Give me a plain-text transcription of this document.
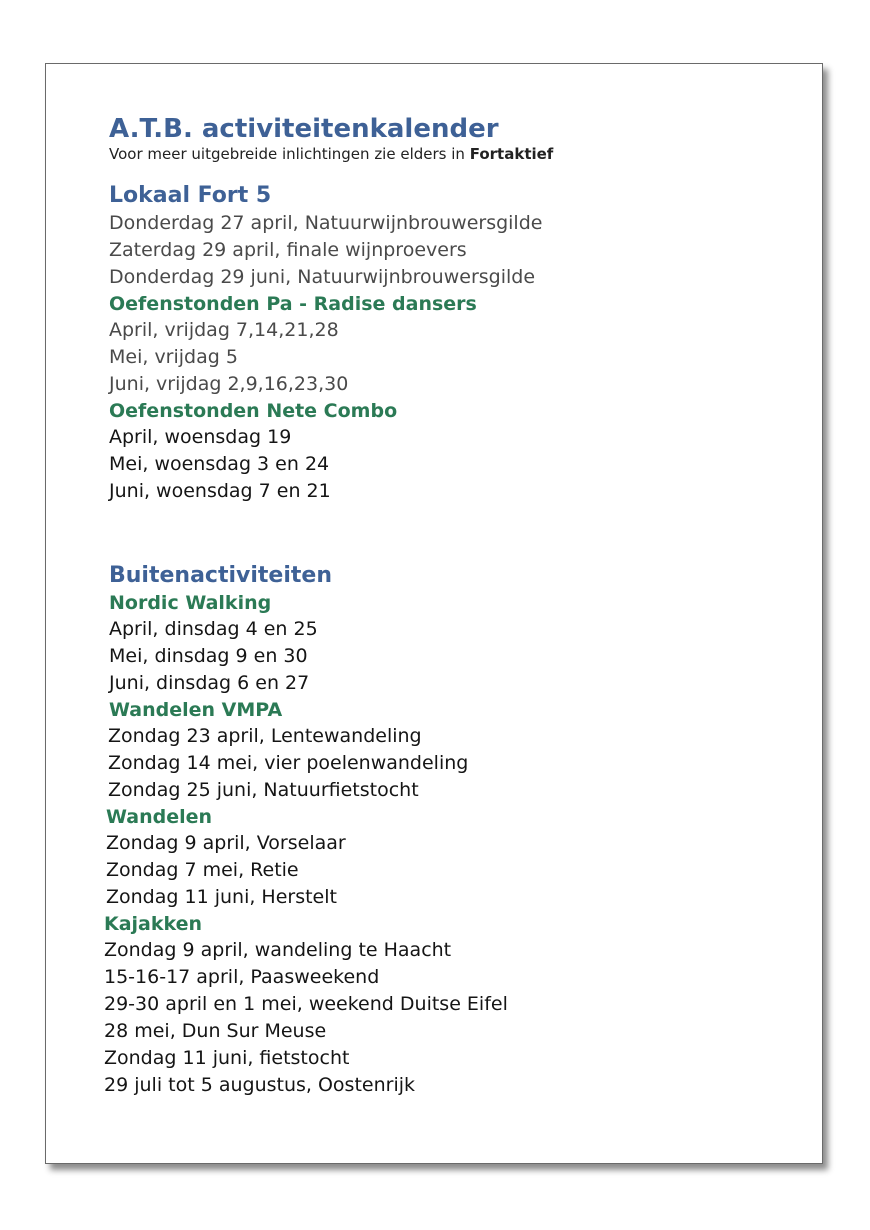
A.T.B. activiteitenkalender

Voor meer uitgebreide inlichtingen zie elders in Fortaktief

Lokaal Fort 5

Donderdag 27 april, Natuurwijnbrouwersgilde

Zaterdag 29 april, finale wijnproevers

Donderdag 29 juni, Natuurwijnbrouwersgilde

Oefenstonden Pa - Radise dansers

April, vrijdag 7,14,21,28

Mei, vrijdag 5

Juni, vrijdag 2,9,16,23,30

Oefenstonden Nete Combo

April, woensdag 19

Mei, woensdag 3 en 24

Juni, woensdag 7 en 21

Buitenactiviteiten
Nordic Walking

April, dinsdag 4 en 25

Mei, dinsdag 9 en 30

Juni, dinsdag 6 en 27

Wandelen VMPA

Zondag 23 april, Lentewandeling

Zondag 14 mei, vier poelenwandeling

Zondag 25 juni, Natuurfietstocht

Wandelen

Zondag 9 april, Vorselaar

Zondag 7 mei, Retie

Zondag 11 juni, Herstelt

Kajakken

Zondag 9 april, wandeling te Haacht

15-16-17 april, Paasweekend

29-30 april en 1 mei, weekend Duitse Eifel

28 mei, Dun Sur Meuse

Zondag 11 juni, fietstocht

29 juli tot 5 augustus, Oostenrijk
